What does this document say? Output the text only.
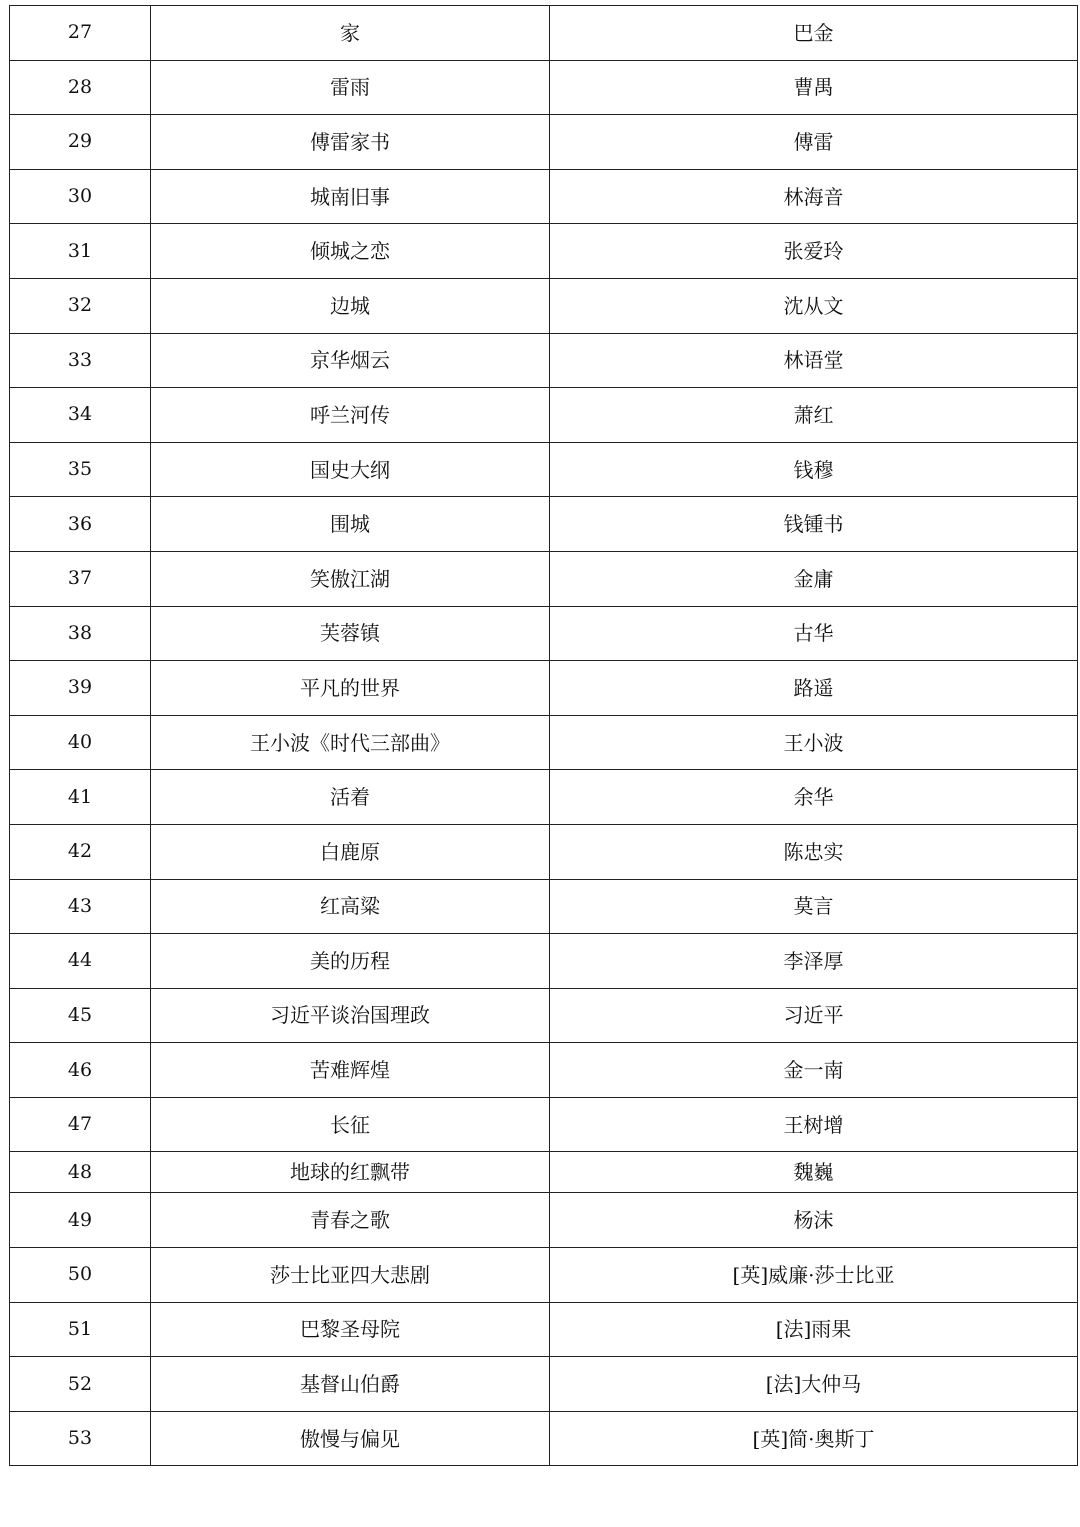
27	家	巴金
28	雷雨	曹禺
29	傅雷家书	傅雷
30	城南旧事	林海音
31	倾城之恋	张爱玲
32	边城	沈从文
33	京华烟云	林语堂
34	呼兰河传	萧红
35	国史大纲	钱穆
36	围城	钱锺书
37	笑傲江湖	金庸
38	芙蓉镇	古华
39	平凡的世界	路遥
40	王小波《时代三部曲》	王小波
41	活着	余华
42	白鹿原	陈忠实
43	红高粱	莫言
44	美的历程	李泽厚
45	习近平谈治国理政	习近平
46	苦难辉煌	金一南
47	长征	王树增
48	地球的红飘带	魏巍
49	青春之歌	杨沫
50	莎士比亚四大悲剧	[英]威廉·莎士比亚
51	巴黎圣母院	[法]雨果
52	基督山伯爵	[法]大仲马
53	傲慢与偏见	[英]简·奥斯丁
